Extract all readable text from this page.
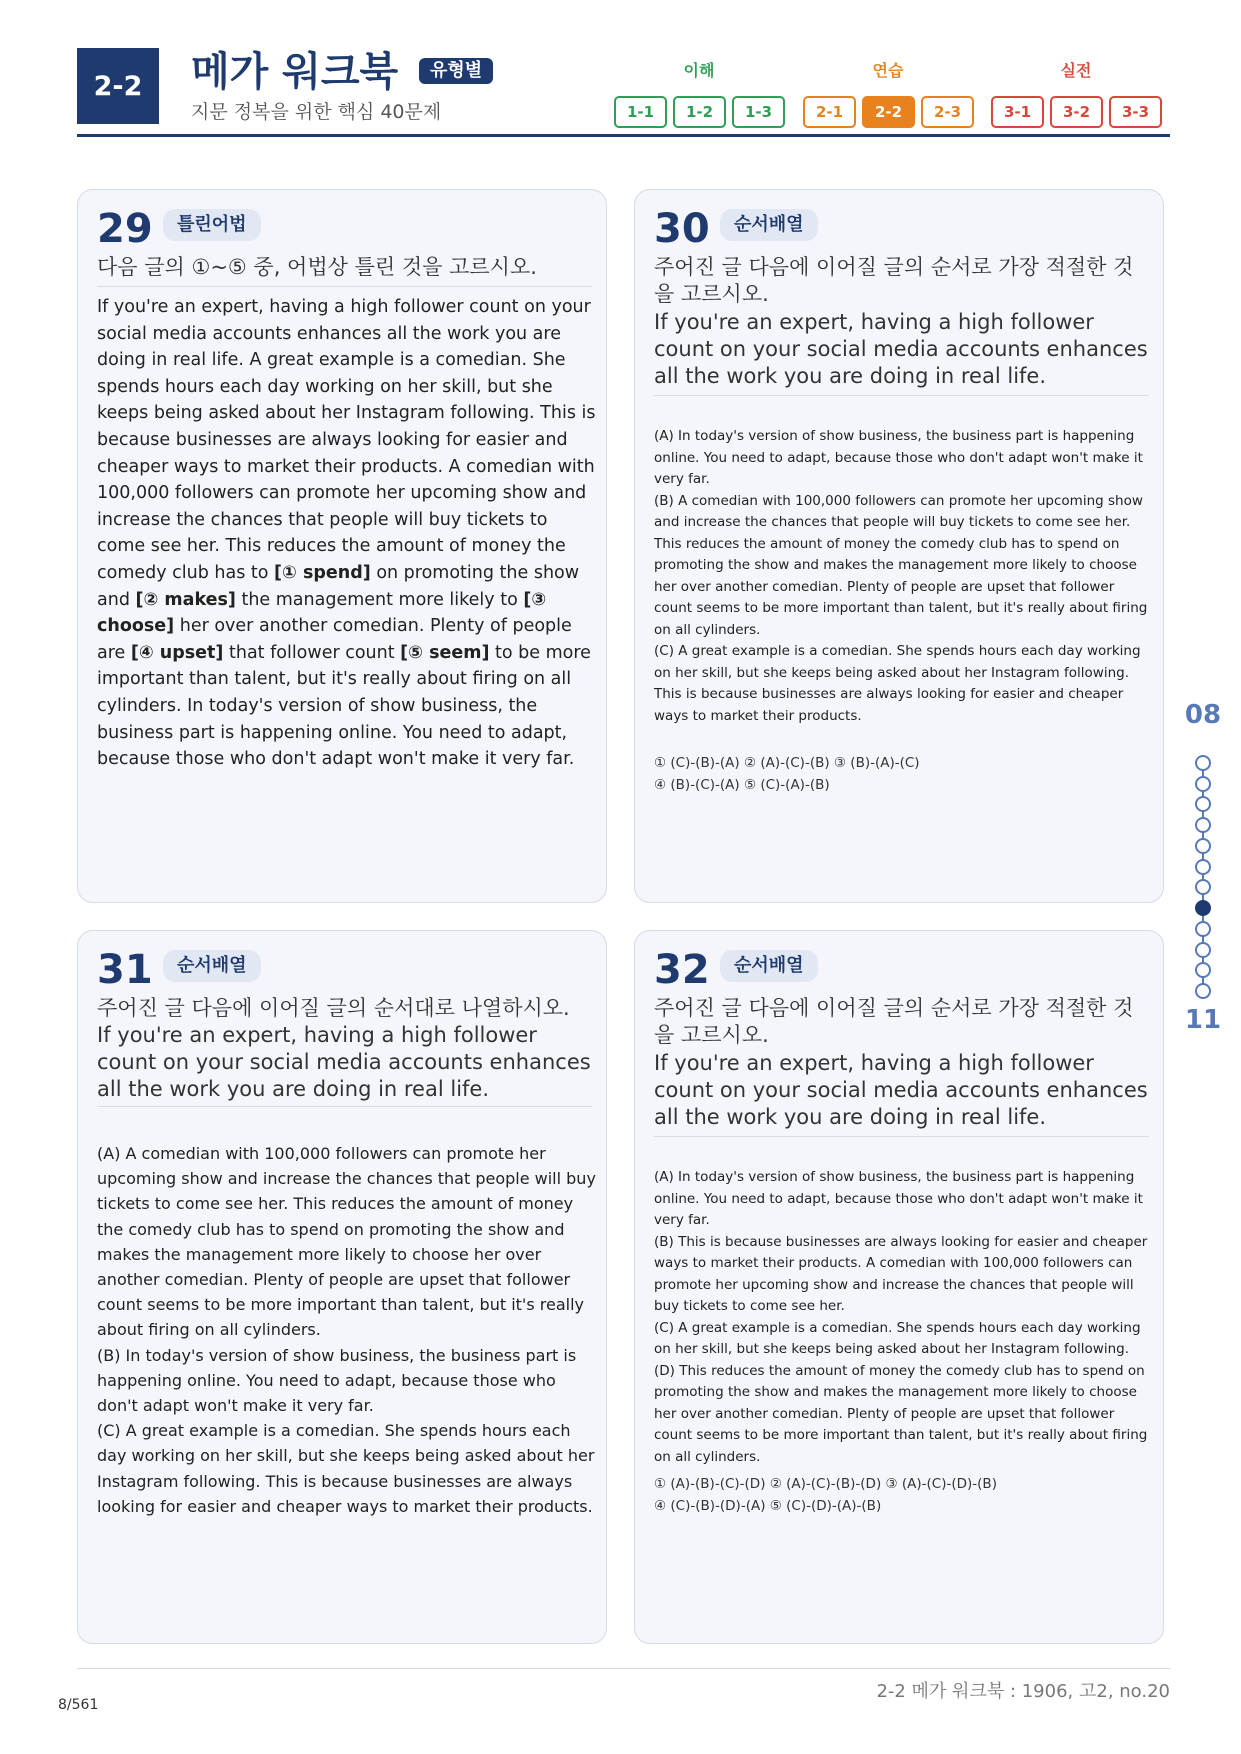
2-2	메가 워크북	유형별
지문 정복을 위한 핵심 40문제
이해
1-1	1-2	1-3
연습
2-1	2-2	2-3
실전
3-1	3-2	3-3
29	틀린어법
다음 글의 ①~⑤ 중, 어법상 틀린 것을 고르시오.
If you're an expert, having a high follower count on your social media accounts enhances all the work you are doing in real life. A great example is a comedian. She spends hours each day working on her skill, but she keeps being asked about her Instagram following. This is because businesses are always looking for easier and cheaper ways to market their products. A comedian with 100,000 followers can promote her upcoming show and increase the chances that people will buy tickets to come see her. This reduces the amount of money the comedy club has to [① spend] on promoting the show and [② makes] the management more likely to [③ choose] her over another comedian. Plenty of people are [④ upset] that follower count [⑤ seem] to be more important than talent, but it's really about firing on all cylinders. In today's version of show business, the business part is happening online. You need to adapt, because those who don't adapt won't make it very far.
30	순서배열
주어진 글 다음에 이어질 글의 순서로 가장 적절한 것을 고르시오.
If you're an expert, having a high follower count on your social media accounts enhances all the work you are doing in real life.
(A) In today's version of show business, the business part is happening online. You need to adapt, because those who don't adapt won't make it very far.
(B) A comedian with 100,000 followers can promote her upcoming show and increase the chances that people will buy tickets to come see her. This reduces the amount of money the comedy club has to spend on promoting the show and makes the management more likely to choose her over another comedian. Plenty of people are upset that follower count seems to be more important than talent, but it's really about firing on all cylinders.
(C) A great example is a comedian. She spends hours each day working on her skill, but she keeps being asked about her Instagram following. This is because businesses are always looking for easier and cheaper ways to market their products.
① (C)-(B)-(A) ② (A)-(C)-(B) ③ (B)-(A)-(C)
④ (B)-(C)-(A) ⑤ (C)-(A)-(B)
31	순서배열
주어진 글 다음에 이어질 글의 순서대로 나열하시오.
If you're an expert, having a high follower count on your social media accounts enhances all the work you are doing in real life.
(A) A comedian with 100,000 followers can promote her upcoming show and increase the chances that people will buy tickets to come see her. This reduces the amount of money the comedy club has to spend on promoting the show and makes the management more likely to choose her over another comedian. Plenty of people are upset that follower count seems to be more important than talent, but it's really about firing on all cylinders.
(B) In today's version of show business, the business part is happening online. You need to adapt, because those who don't adapt won't make it very far.
(C) A great example is a comedian. She spends hours each day working on her skill, but she keeps being asked about her Instagram following. This is because businesses are always looking for easier and cheaper ways to market their products.
32	순서배열
주어진 글 다음에 이어질 글의 순서로 가장 적절한 것을 고르시오.
If you're an expert, having a high follower count on your social media accounts enhances all the work you are doing in real life.
(A) In today's version of show business, the business part is happening online. You need to adapt, because those who don't adapt won't make it very far.
(B) This is because businesses are always looking for easier and cheaper ways to market their products. A comedian with 100,000 followers can promote her upcoming show and increase the chances that people will buy tickets to come see her.
(C) A great example is a comedian. She spends hours each day working on her skill, but she keeps being asked about her Instagram following.
(D) This reduces the amount of money the comedy club has to spend on promoting the show and makes the management more likely to choose her over another comedian. Plenty of people are upset that follower count seems to be more important than talent, but it's really about firing on all cylinders.
① (A)-(B)-(C)-(D) ② (A)-(C)-(B)-(D) ③ (A)-(C)-(D)-(B)
④ (C)-(B)-(D)-(A) ⑤ (C)-(D)-(A)-(B)
08
11
2-2 메가 워크북 : 1906, 고2, no.20
8/561
